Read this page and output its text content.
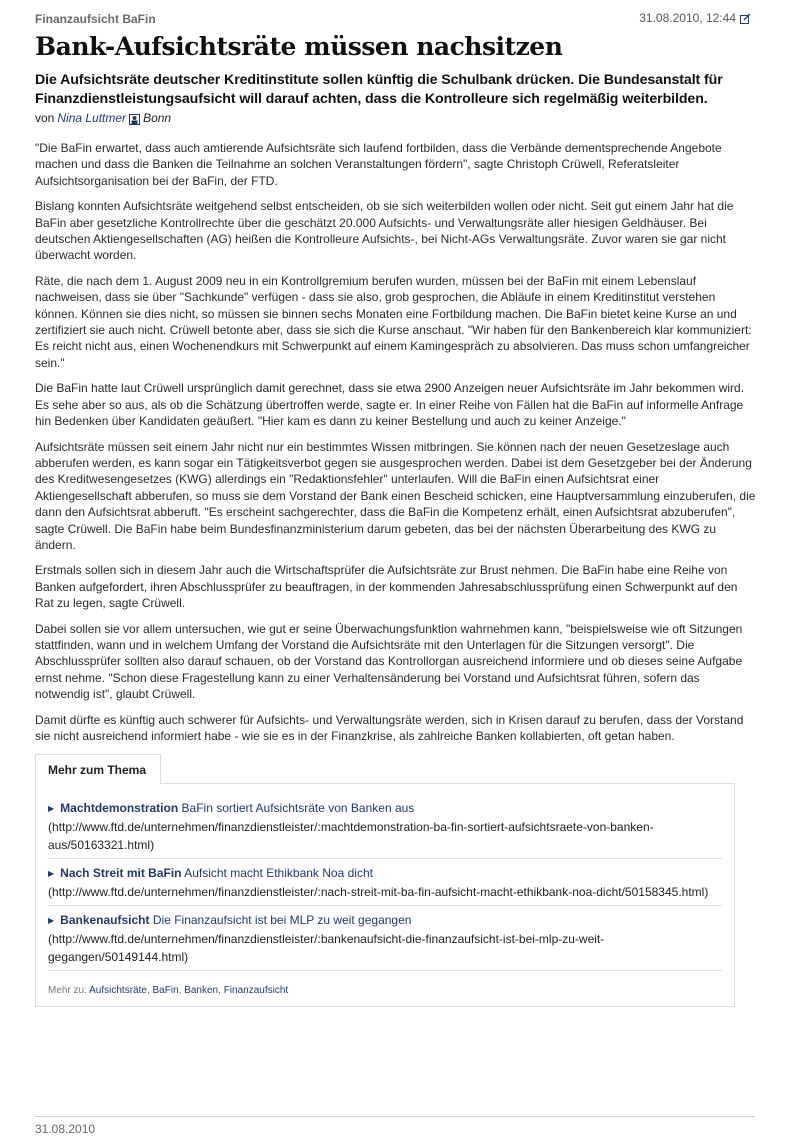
Finanzaufsicht BaFin	31.08.2010, 12:44
Bank-Aufsichtsräte müssen nachsitzen
Die Aufsichtsräte deutscher Kreditinstitute sollen künftig die Schulbank drücken. Die Bundesanstalt für Finanzdienstleistungsaufsicht will darauf achten, dass die Kontrolleure sich regelmäßig weiterbilden.
von Nina Luttmer Bonn

"Die BaFin erwartet, dass auch amtierende Aufsichtsräte sich laufend fortbilden, dass die Verbände dementsprechende Angebote machen und dass die Banken die Teilnahme an solchen Veranstaltungen fördern", sagte Christoph Crüwell, Referatsleiter Aufsichtsorganisation bei der BaFin, der FTD.

Bislang konnten Aufsichtsräte weitgehend selbst entscheiden, ob sie sich weiterbilden wollen oder nicht. Seit gut einem Jahr hat die BaFin aber gesetzliche Kontrollrechte über die geschätzt 20.000 Aufsichts- und Verwaltungsräte aller hiesigen Geldhäuser. Bei deutschen Aktiengesellschaften (AG) heißen die Kontrolleure Aufsichts-, bei Nicht-AGs Verwaltungsräte. Zuvor waren sie gar nicht überwacht worden.

Räte, die nach dem 1. August 2009 neu in ein Kontrollgremium berufen wurden, müssen bei der BaFin mit einem Lebenslauf nachweisen, dass sie über "Sachkunde" verfügen - dass sie also, grob gesprochen, die Abläufe in einem Kreditinstitut verstehen können. Können sie dies nicht, so müssen sie binnen sechs Monaten eine Fortbildung machen. Die BaFin bietet keine Kurse an und zertifiziert sie auch nicht. Crüwell betonte aber, dass sie sich die Kurse anschaut. "Wir haben für den Bankenbereich klar kommuniziert: Es reicht nicht aus, einen Wochenendkurs mit Schwerpunkt auf einem Kamingespräch zu absolvieren. Das muss schon umfangreicher sein."

Die BaFin hatte laut Crüwell ursprünglich damit gerechnet, dass sie etwa 2900 Anzeigen neuer Aufsichtsräte im Jahr bekommen wird. Es sehe aber so aus, als ob die Schätzung übertroffen werde, sagte er. In einer Reihe von Fällen hat die BaFin auf informelle Anfrage hin Bedenken über Kandidaten geäußert. "Hier kam es dann zu keiner Bestellung und auch zu keiner Anzeige."

Aufsichtsräte müssen seit einem Jahr nicht nur ein bestimmtes Wissen mitbringen. Sie können nach der neuen Gesetzeslage auch abberufen werden, es kann sogar ein Tätigkeitsverbot gegen sie ausgesprochen werden. Dabei ist dem Gesetzgeber bei der Änderung des Kreditwesengesetzes (KWG) allerdings ein "Redaktionsfehler" unterlaufen. Will die BaFin einen Aufsichtsrat einer Aktiengesellschaft abberufen, so muss sie dem Vorstand der Bank einen Bescheid schicken, eine Hauptversammlung einzuberufen, die dann den Aufsichtsrat abberuft. "Es erscheint sachgerechter, dass die BaFin die Kompetenz erhält, einen Aufsichtsrat abzuberufen", sagte Crüwell. Die BaFin habe beim Bundesfinanzministerium darum gebeten, das bei der nächsten Überarbeitung des KWG zu ändern.

Erstmals sollen sich in diesem Jahr auch die Wirtschaftsprüfer die Aufsichtsräte zur Brust nehmen. Die BaFin habe eine Reihe von Banken aufgefordert, ihren Abschlussprüfer zu beauftragen, in der kommenden Jahresabschlussprüfung einen Schwerpunkt auf den Rat zu legen, sagte Crüwell.

Dabei sollen sie vor allem untersuchen, wie gut er seine Überwachungsfunktion wahrnehmen kann, "beispielsweise wie oft Sitzungen stattfinden, wann und in welchem Umfang der Vorstand die Aufsichtsräte mit den Unterlagen für die Sitzungen versorgt". Die Abschlussprüfer sollten also darauf schauen, ob der Vorstand das Kontrollorgan ausreichend informiere und ob dieses seine Aufgabe ernst nehme. "Schon diese Fragestellung kann zu einer Verhaltensänderung bei Vorstand und Aufsichtsrat führen, sofern das notwendig ist", glaubt Crüwell.

Damit dürfte es künftig auch schwerer für Aufsichts- und Verwaltungsräte werden, sich in Krisen darauf zu berufen, dass der Vorstand sie nicht ausreichend informiert habe - wie sie es in der Finanzkrise, als zahlreiche Banken kollabierten, oft getan haben.

Mehr zum Thema
▶ Machtdemonstration BaFin sortiert Aufsichtsräte von Banken aus
(http://www.ftd.de/unternehmen/finanzdienstleister/:machtdemonstration-ba-fin-sortiert-aufsichtsraete-von-banken-aus/50163321.html)
▶ Nach Streit mit BaFin Aufsicht macht Ethikbank Noa dicht
(http://www.ftd.de/unternehmen/finanzdienstleister/:nach-streit-mit-ba-fin-aufsicht-macht-ethikbank-noa-dicht/50158345.html)
▶ Bankenaufsicht Die Finanzaufsicht ist bei MLP zu weit gegangen
(http://www.ftd.de/unternehmen/finanzdienstleister/:bankenaufsicht-die-finanzaufsicht-ist-bei-mlp-zu-weit-gegangen/50149144.html)
Mehr zu: Aufsichtsräte, BaFin, Banken, Finanzaufsicht
31.08.2010
